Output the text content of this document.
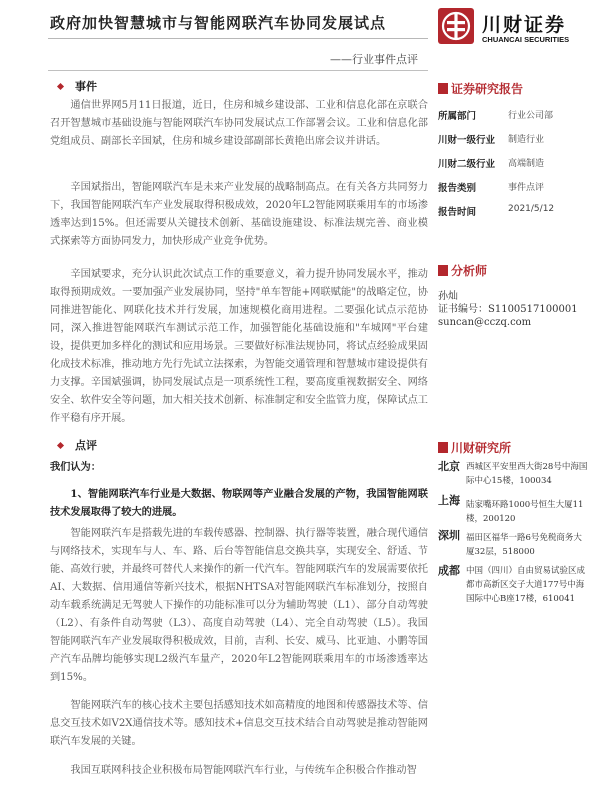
政府加快智慧城市与智能网联汽车协同发展试点
——行业事件点评
川财证券
CHUANCAI SECURITIES
事件

通信世界网5月11日报道，近日，住房和城乡建设部、工业和信息化部在京联合召开智慧城市基础设施与智能网联汽车协同发展试点工作部署会议。工业和信息化部党组成员、副部长辛国斌，住房和城乡建设部副部长黄艳出席会议并讲话。

辛国斌指出，智能网联汽车是未来产业发展的战略制高点。在有关各方共同努力下，我国智能网联汽车产业发展取得积极成效，2020年L2智能网联乘用车的市场渗透率达到15%。但还需要从关键技术创新、基础设施建设、标准法规完善、商业模式探索等方面协同发力，加快形成产业竞争优势。

辛国斌要求，充分认识此次试点工作的重要意义，着力提升协同发展水平，推动取得预期成效。一要加强产业发展协同，坚持"单车智能+网联赋能"的战略定位，协同推进智能化、网联化技术并行发展，加速规模化商用进程。二要强化试点示范协同，深入推进智能网联汽车测试示范工作，加强智能化基础设施和"车城网"平台建设，提供更加多样化的测试和应用场景。三要做好标准法规协同，将试点经验成果固化成技术标准，推动地方先行先试立法探索，为智能交通管理和智慧城市建设提供有力支撑。辛国斌强调，协同发展试点是一项系统性工程，要高度重视数据安全、网络安全、软件安全等问题，加大相关技术创新、标准制定和安全监管力度，保障试点工作平稳有序开展。

点评

我们认为：

1、智能网联汽车行业是大数据、物联网等产业融合发展的产物，我国智能网联技术发展取得了较大的进展。

智能网联汽车是搭载先进的车载传感器、控制器、执行器等装置，融合现代通信与网络技术，实现车与人、车、路、后台等智能信息交换共享，实现安全、舒适、节能、高效行驶，并最终可替代人来操作的新一代汽车。智能网联汽车的发展需要依托AI、大数据、信用通信等新兴技术，根据NHTSA对智能网联汽车标准划分，按照自动车载系统满足无驾驶人下操作的功能标准可以分为辅助驾驶（L1）、部分自动驾驶（L2）、有条件自动驾驶（L3）、高度自动驾驶（L4）、完全自动驾驶（L5）。我国智能网联汽车产业发展取得积极成效，目前，吉利、长安、威马、比亚迪、小鹏等国产汽车品牌均能够实现L2级汽车量产，2020年L2智能网联乘用车的市场渗透率达到15%。

智能网联汽车的核心技术主要包括感知技术如高精度的地图和传感器技术等、信息交互技术如V2X通信技术等。感知技术+信息交互技术结合自动驾驶是推动智能网联汽车发展的关键。

我国互联网科技企业积极布局智能网联汽车行业，与传统车企积极合作推动智

证券研究报告
所属部门	行业公司部
川财一级行业 制造行业
川财二级行业 高端制造
报告类别	事件点评
报告时间	2021/5/12
分析师
孙灿
证书编号：S1100517100001
suncan@cczq.com
川财研究所
北京 西城区平安里西大街28号中海国际中心15楼，100034
上海 陆家嘴环路1000号恒生大厦11楼，200120
深圳 福田区福华一路6号免税商务大厦32层，518000
成都 中国（四川）自由贸易试验区成都市高新区交子大道177号中海国际中心B座17楼，610041
